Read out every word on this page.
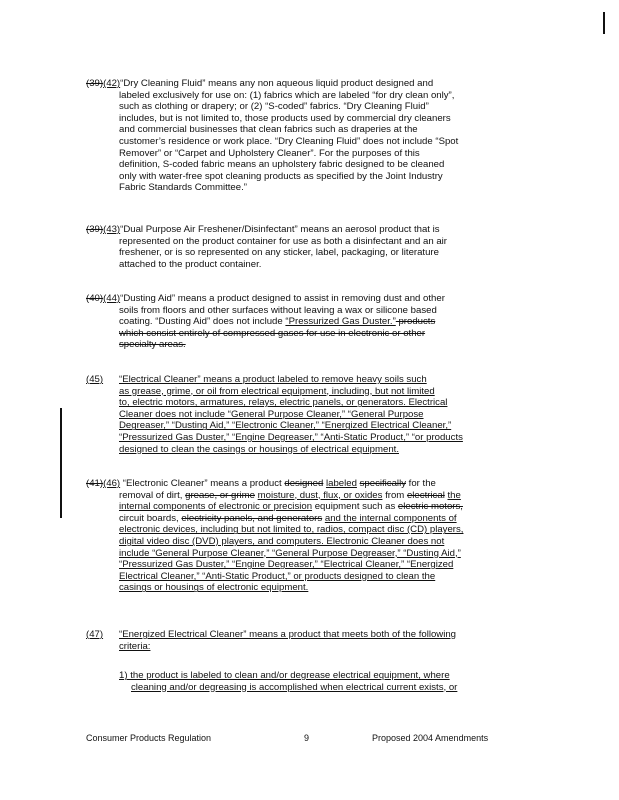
(39)(42)“Dry Cleaning Fluid” means any non aqueous liquid product designed and
labeled exclusively for use on: (1) fabrics which are labeled “for dry clean only”,
such as clothing or drapery; or (2) “S-coded” fabrics. “Dry Cleaning Fluid”
includes, but is not limited to, those products used by commercial dry cleaners
and commercial businesses that clean fabrics such as draperies at the
customer’s residence or work place. “Dry Cleaning Fluid” does not include “Spot
Remover” or “Carpet and Upholstery Cleaner”. For the purposes of this
definition, S-coded fabric means an upholstery fabric designed to be cleaned
only with water-free spot cleaning products as specified by the Joint Industry
Fabric Standards Committee.”
(39)(43)“Dual Purpose Air Freshener/Disinfectant” means an aerosol product that is
represented on the product container for use as both a disinfectant and an air
freshener, or is so represented on any sticker, label, packaging, or literature
attached to the product container.
(40)(44)“Dusting Aid” means a product designed to assist in removing dust and other
soils from floors and other surfaces without leaving a wax or silicone based
coating. “Dusting Aid” does not include “Pressurized Gas Duster.” products
which consist entirely of compressed gases for use in electronic or other
specialty areas.
(45)	“Electrical Cleaner” means a product labeled to remove heavy soils such
as grease, grime, or oil from electrical equipment, including, but not limited
to, electric motors, armatures, relays, electric panels, or generators. Electrical
Cleaner does not include “General Purpose Cleaner,” “General Purpose
Degreaser,” “Dusting Aid,” “Electronic Cleaner,” “Energized Electrical Cleaner,”
“Pressurized Gas Duster,” “Engine Degreaser,” “Anti-Static Product,” “or products
designed to clean the casings or housings of electrical equipment.
(41)(46) “Electronic Cleaner” means a product designed labeled specifically for the
removal of dirt, grease, or grime moisture, dust, flux, or oxides from electrical the
internal components of electronic or precision equipment such as electric motors,
circuit boards, electricity panels, and generators and the internal components of
electronic devices, including but not limited to, radios, compact disc (CD) players,
digital video disc (DVD) players, and computers. Electronic Cleaner does not
include “General Purpose Cleaner,” “General Purpose Degreaser,” “Dusting Aid,”
“Pressurized Gas Duster,” “Engine Degreaser,” “Electrical Cleaner,” “Energized
Electrical Cleaner,” “Anti-Static Product,” or products designed to clean the
casings or housings of electronic equipment.
(47)	“Energized Electrical Cleaner” means a product that meets both of the following
criteria:
1) the product is labeled to clean and/or degrease electrical equipment, where
cleaning and/or degreasing is accomplished when electrical current exists, or
Consumer Products Regulation	9	Proposed 2004 Amendments
